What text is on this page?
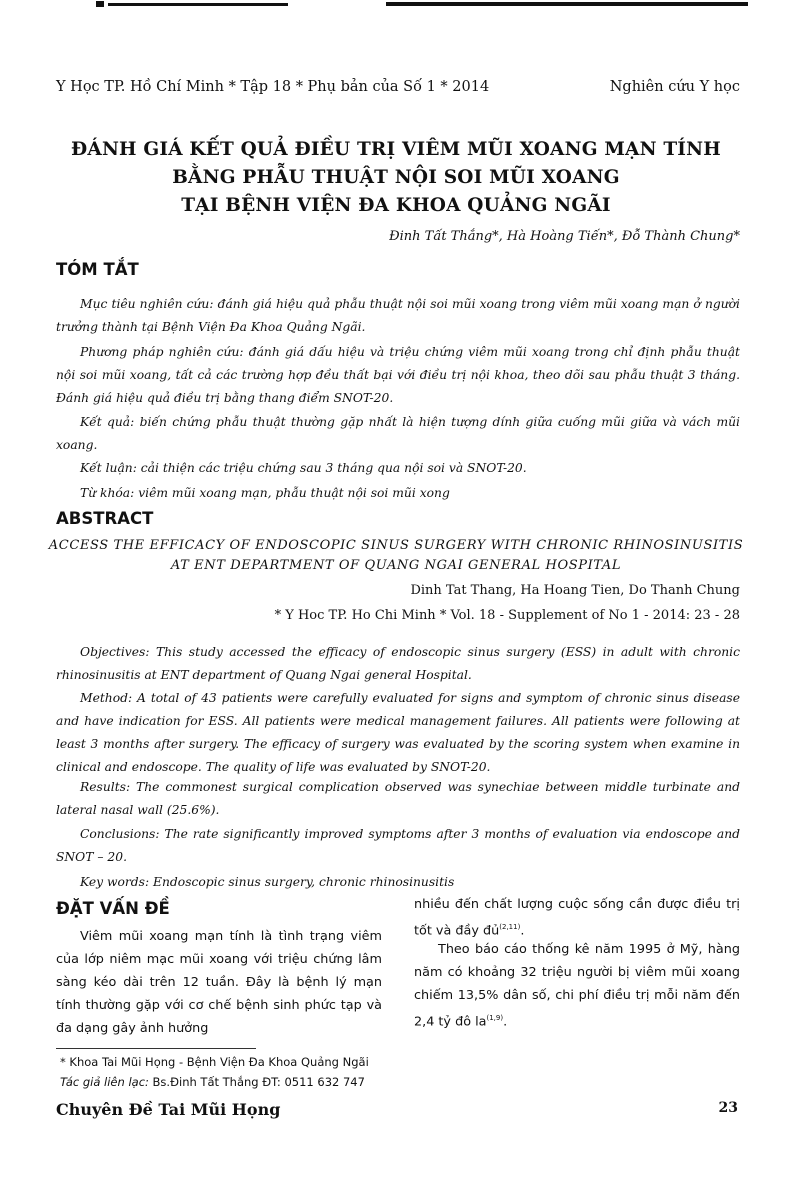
Y Học TP. Hồ Chí Minh * Tập 18 * Phụ bản của Số 1 * 2014	Nghiên cứu Y học
ĐÁNH GIÁ KẾT QUẢ ĐIỀU TRỊ VIÊM MŨI XOANG MẠN TÍNH
BẰNG PHẪU THUẬT NỘI SOI MŨI XOANG
TẠI BỆNH VIỆN ĐA KHOA QUẢNG NGÃI
Đinh Tất Thắng*, Hà Hoàng Tiến*, Đỗ Thành Chung*
TÓM TẮT
Mục tiêu nghiên cứu: đánh giá hiệu quả phẫu thuật nội soi mũi xoang trong viêm mũi xoang mạn ở người trưởng thành tại Bệnh Viện Đa Khoa Quảng Ngãi.
Phương pháp nghiên cứu: đánh giá dấu hiệu và triệu chứng viêm mũi xoang trong chỉ định phẫu thuật nội soi mũi xoang, tất cả các trường hợp đều thất bại với điều trị nội khoa, theo dõi sau phẫu thuật 3 tháng. Đánh giá hiệu quả điều trị bằng thang điểm SNOT-20.
Kết quả: biến chứng phẫu thuật thường gặp nhất là hiện tượng dính giữa cuống mũi giữa và vách mũi xoang.
Kết luận: cải thiện các triệu chứng sau 3 tháng qua nội soi và SNOT-20.
Từ khóa: viêm mũi xoang mạn, phẫu thuật nội soi mũi xong
ABSTRACT
ACCESS THE EFFICACY OF ENDOSCOPIC SINUS SURGERY WITH CHRONIC RHINOSINUSITIS
AT ENT DEPARTMENT OF QUANG NGAI GENERAL HOSPITAL
Dinh Tat Thang, Ha Hoang Tien, Do Thanh Chung
* Y Hoc TP. Ho Chi Minh * Vol. 18 - Supplement of No 1 - 2014: 23 - 28
Objectives: This study accessed the efficacy of endoscopic sinus surgery (ESS) in adult with chronic rhinosinusitis at ENT department of Quang Ngai general Hospital.
Method: A total of 43 patients were carefully evaluated for signs and symptom of chronic sinus disease and have indication for ESS. All patients were medical management failures. All patients were following at least 3 months after surgery. The efficacy of surgery was evaluated by the scoring system when examine in clinical and endoscope. The quality of life was evaluated by SNOT-20.
Results: The commonest surgical complication observed was synechiae between middle turbinate and lateral nasal wall (25.6%).
Conclusions: The rate significantly improved symptoms after 3 months of evaluation via endoscope and SNOT – 20.
Key words: Endoscopic sinus surgery, chronic rhinosinusitis
ĐẶT VẤN ĐỀ
Viêm mũi xoang mạn tính là tình trạng viêm của lớp niêm mạc mũi xoang với triệu chứng lâm sàng kéo dài trên 12 tuần. Đây là bệnh lý mạn tính thường gặp với cơ chế bệnh sinh phức tạp và đa dạng gây ảnh hưởng
nhiều đến chất lượng cuộc sống cần được điều trị tốt và đầy đủ$^{(2,11)}$.
Theo báo cáo thống kê năm 1995 ở Mỹ, hàng năm có khoảng 32 triệu người bị viêm mũi xoang chiếm 13,5% dân số, chi phí điều trị mỗi năm đến 2,4 tỷ đô la$^{(1,9)}$.
* Khoa Tai Mũi Họng - Bệnh Viện Đa Khoa Quảng Ngãi
Tác giả liên lạc: Bs.Đinh Tất Thắng ĐT: 0511 632 747
Chuyên Đề Tai Mũi Họng	23
